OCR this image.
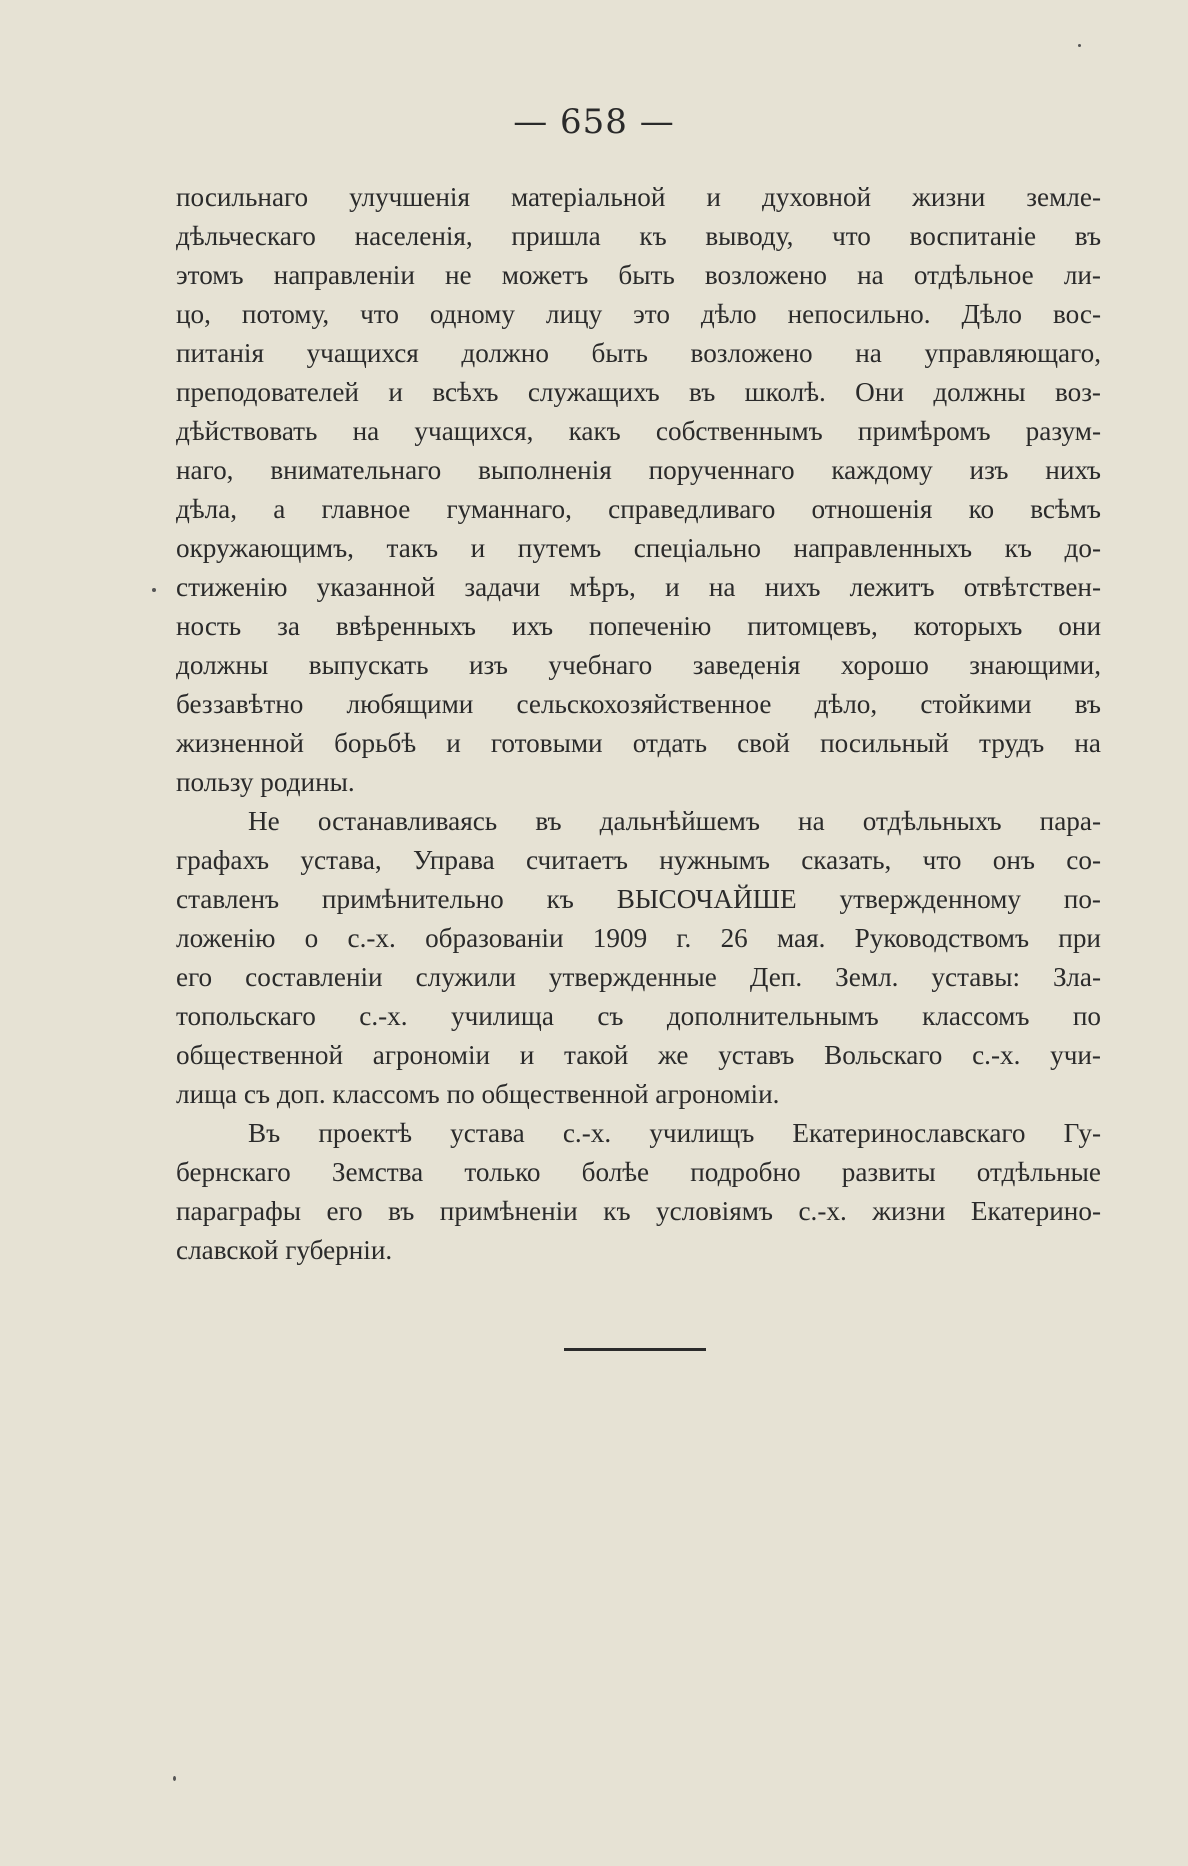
— 658 —
посильнаго улучшенія матеріальной и духовной жизни земле-
дѣльческаго населенія, пришла къ выводу, что воспитаніе въ
этомъ направленіи не можетъ быть возложено на отдѣльное ли-
цо, потому, что одному лицу это дѣло непосильно. Дѣло вос-
питанія учащихся должно быть возложено на управляющаго,
преподователей и всѣхъ служащихъ въ школѣ. Они должны воз-
дѣйствовать на учащихся, какъ собственнымъ примѣромъ разум-
наго, внимательнаго выполненія порученнаго каждому изъ нихъ
дѣла, а главное гуманнаго, справедливаго отношенія ко всѣмъ
окружающимъ, такъ и путемъ спеціально направленныхъ къ до-
стиженію указанной задачи мѣръ, и на нихъ лежитъ отвѣтствен-
ность за ввѣренныхъ ихъ попеченію питомцевъ, которыхъ они
должны выпускать изъ учебнаго заведенія хорошо знающими,
беззавѣтно любящими сельскохозяйственное дѣло, стойкими въ
жизненной борьбѣ и готовыми отдать свой посильный трудъ на
пользу родины.
Не останавливаясь въ дальнѣйшемъ на отдѣльныхъ пара-
графахъ устава, Управа считаетъ нужнымъ сказать, что онъ со-
ставленъ примѣнительно къ ВЫСОЧАЙШЕ утвержденному по-
ложенію о с.-х. образованіи 1909 г. 26 мая. Руководствомъ при
его составленіи служили утвержденные Деп. Земл. уставы: Зла-
топольскаго с.-х. училища съ дополнительнымъ классомъ по
общественной агрономіи и такой же уставъ Вольскаго с.-х. учи-
лища съ доп. классомъ по общественной агрономіи.
Въ проектѣ устава с.-х. училищъ Екатеринославскаго Гу-
бернскаго Земства только болѣе подробно развиты отдѣльные
параграфы его въ примѣненіи къ условіямъ с.-х. жизни Екатерино-
славской губерніи.
